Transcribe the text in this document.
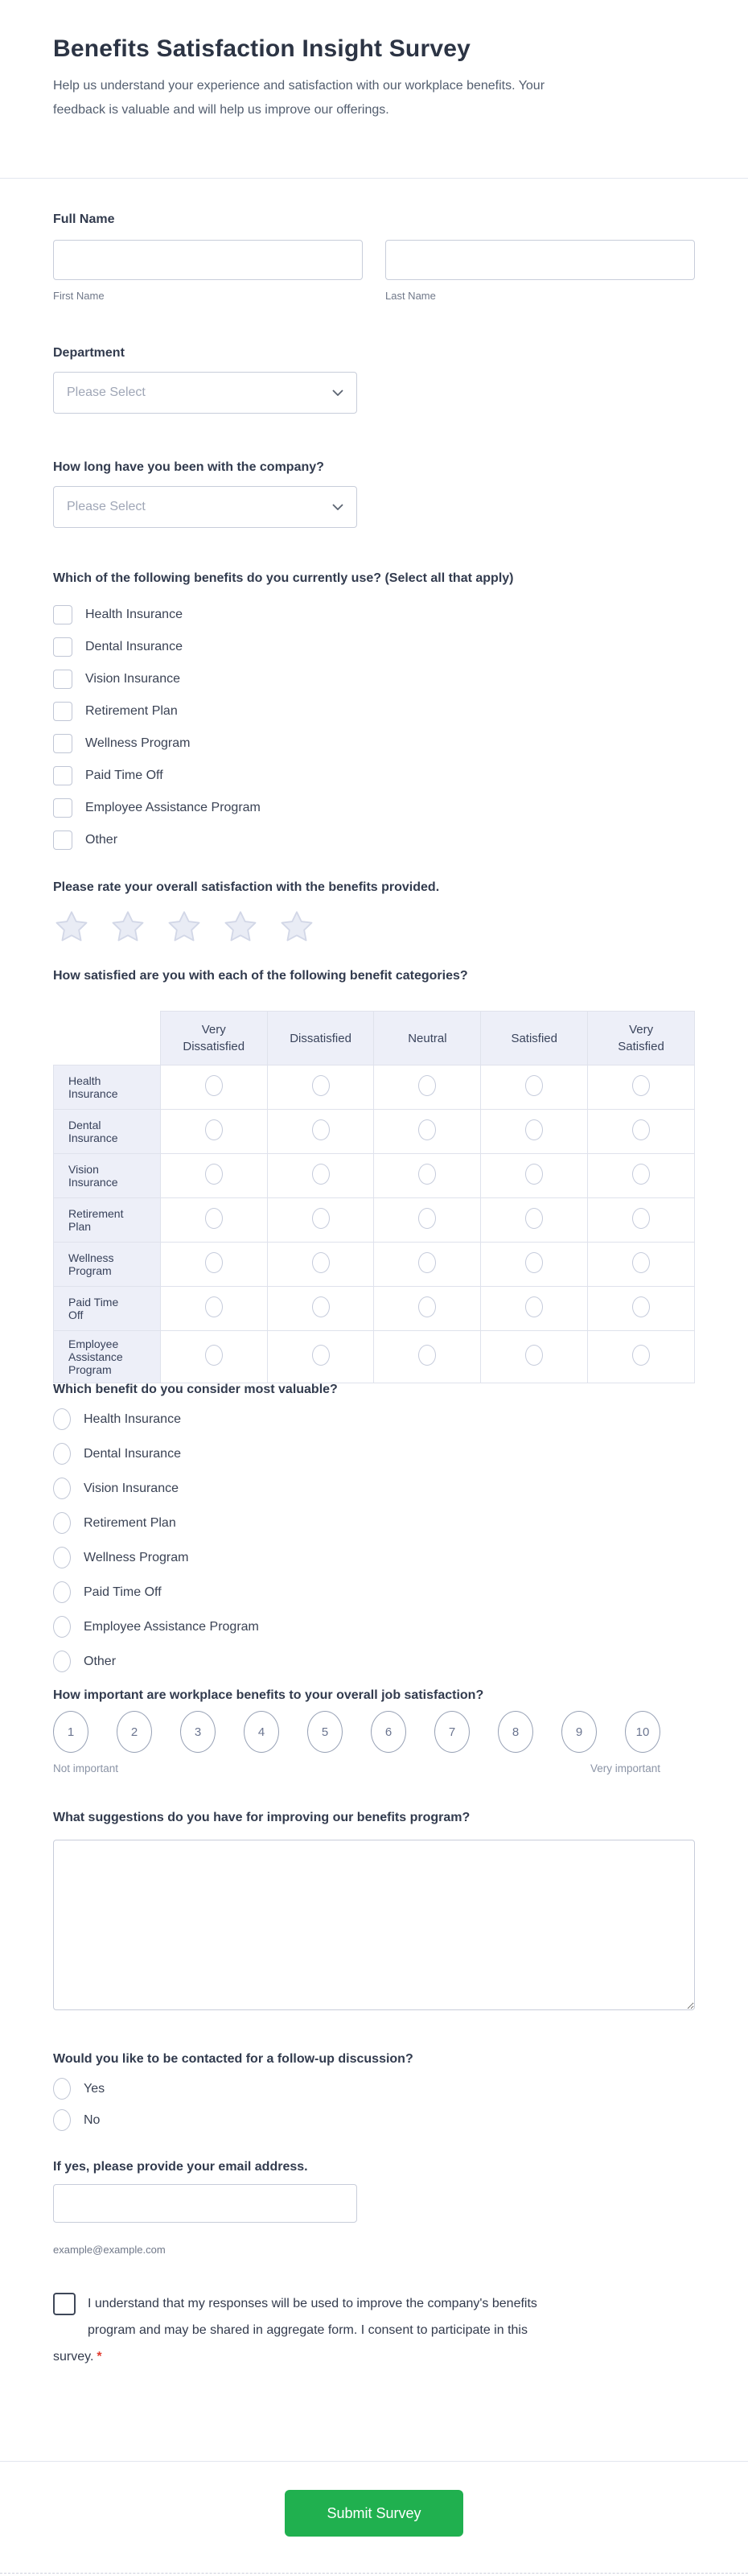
Benefits Satisfaction Insight Survey

Help us understand your experience and satisfaction with our workplace benefits. Your feedback is valuable and will help us improve our offerings.

Full Name
First Name	Last Name
Department
Please Select
How long have you been with the company?
Please Select
Which of the following benefits do you currently use? (Select all that apply)
Health Insurance
Dental Insurance
Vision Insurance
Retirement Plan
Wellness Program
Paid Time Off
Employee Assistance Program
Other
Please rate your overall satisfaction with the benefits provided.
How satisfied are you with each of the following benefit categories?
	Very Dissatisfied	Dissatisfied	Neutral	Satisfied	Very Satisfied
Health Insurance					
Dental Insurance					
Vision Insurance					
Retirement Plan					
Wellness Program					
Paid Time Off					
Employee Assistance Program					
Which benefit do you consider most valuable?
Health Insurance
Dental Insurance
Vision Insurance
Retirement Plan
Wellness Program
Paid Time Off
Employee Assistance Program
Other
How important are workplace benefits to your overall job satisfaction?
1	2	3	4	5	6	7	8	9	10
Not important	Very important
What suggestions do you have for improving our benefits program?
Would you like to be contacted for a follow-up discussion?
Yes
No
If yes, please provide your email address.
example@example.com
I understand that my responses will be used to improve the company's benefits program and may be shared in aggregate form. I consent to participate in this survey. *
Submit Survey
